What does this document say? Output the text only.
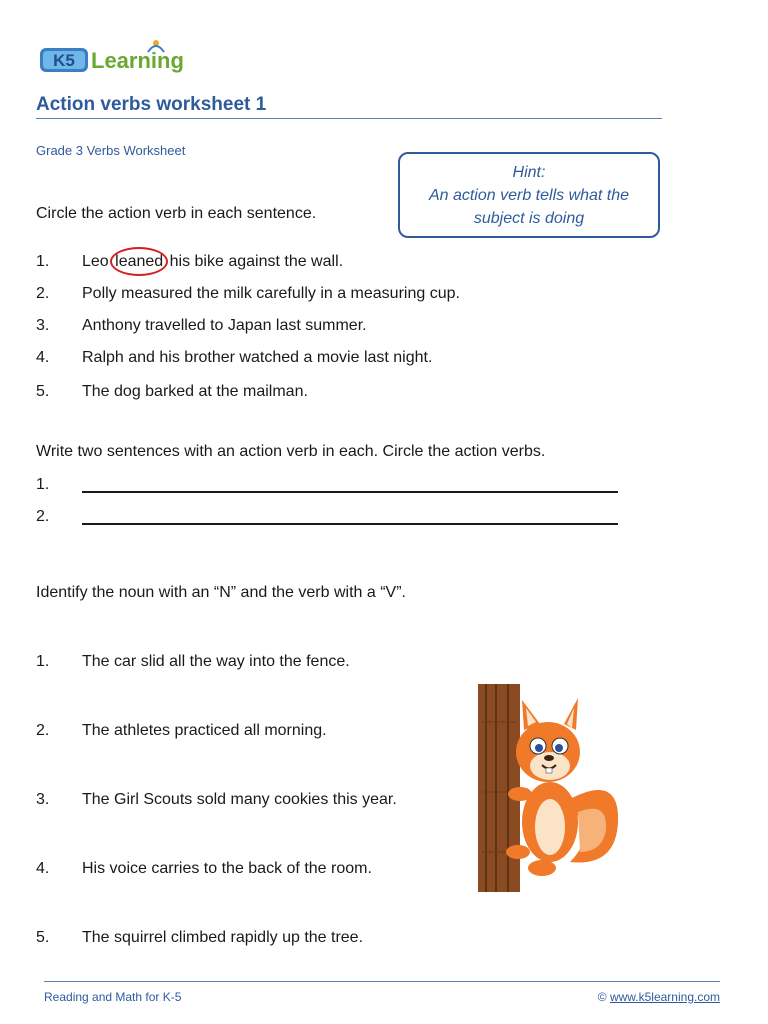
K5 Learning
Action verbs worksheet 1
Grade 3 Verbs Worksheet
Hint:
An action verb tells what the
subject is doing
Circle the action verb in each sentence.
1. Leo leaned his bike against the wall.
2. Polly measured the milk carefully in a measuring cup.
3. Anthony travelled to Japan last summer.
4. Ralph and his brother watched a movie last night.
5. The dog barked at the mailman.
Write two sentences with an action verb in each. Circle the action verbs.
1.
2.
Identify the noun with an “N” and the verb with a “V”.
1. The car slid all the way into the fence.
2. The athletes practiced all morning.
3. The Girl Scouts sold many cookies this year.
4. His voice carries to the back of the room.
5. The squirrel climbed rapidly up the tree.
Reading and Math for K-5	© www.k5learning.com
